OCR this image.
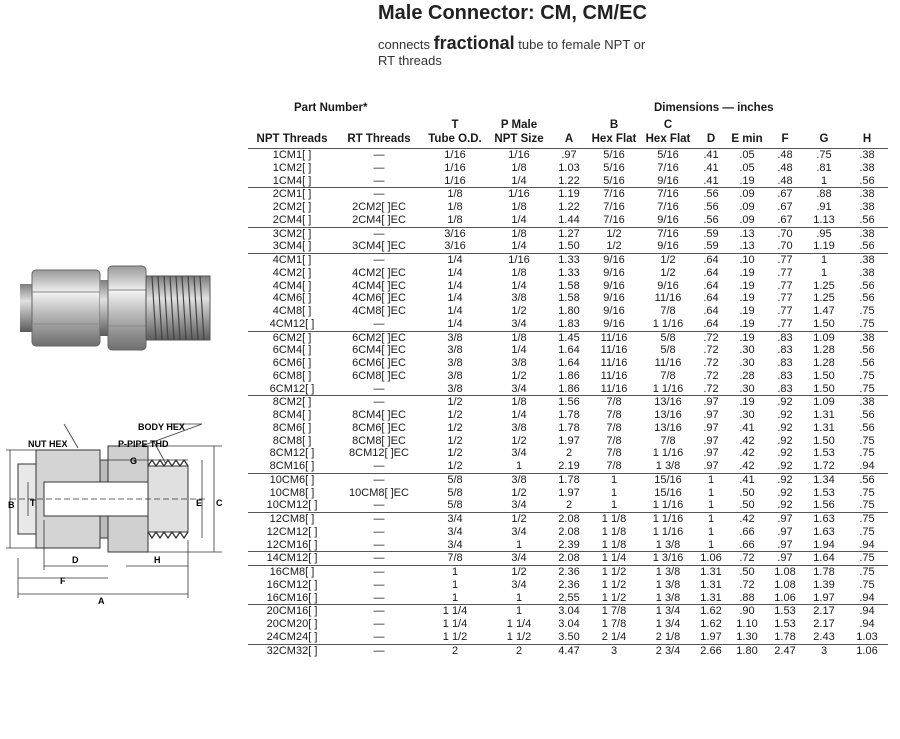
Male Connector: CM, CM/EC
connects fractional tube to female NPT or
RT threads
NUT HEX
BODY HEX
P-PIPE THD
G
B T	E C
D	H
F
A
Part Number*	Dimensions — inches
NPT Threads	RT Threads
T
Tube O.D.
P Male
NPT Size	A
B
Hex Flat
C
Hex Flat	D	E min	F	G	H
1CM1[ ]	—	1/16	1/16	.97	5/16	5/16	.41	.05	.48	.75	.38
1CM2[ ]	—	1/16	1/8	1.03	5/16	7/16	.41	.05	.48	.81	.38
1CM4[ ]	—	1/16	1/4	1.22	5/16	9/16	.41	.19	.48	1	.56
2CM1[ ]	—	1/8	1/16	1.19	7/16	7/16	.56	.09	.67	.88	.38
2CM2[ ]	2CM2[ ]EC	1/8	1/8	1.22	7/16	7/16	.56	.09	.67	.91	.38
2CM4[ ]	2CM4[ ]EC	1/8	1/4	1.44	7/16	9/16	.56	.09	.67	1.13	.56
3CM2[ ]	—	3/16	1/8	1.27	1/2	7/16	.59	.13	.70	.95	.38
3CM4[ ]	3CM4[ ]EC	3/16	1/4	1.50	1/2	9/16	.59	.13	.70	1.19	.56
4CM1[ ]	—	1/4	1/16	1.33	9/16	1/2	.64	.10	.77	1	.38
4CM2[ ]	4CM2[ ]EC	1/4	1/8	1.33	9/16	1/2	.64	.19	.77	1	.38
4CM4[ ]	4CM4[ ]EC	1/4	1/4	1.58	9/16	9/16	.64	.19	.77	1.25	.56
4CM6[ ]	4CM6[ ]EC	1/4	3/8	1.58	9/16	11/16	.64	.19	.77	1.25	.56
4CM8[ ]	4CM8[ ]EC	1/4	1/2	1.80	9/16	7/8	.64	.19	.77	1.47	.75
4CM12[ ]	—	1/4	3/4	1.83	9/16	1 1/16	.64	.19	.77	1.50	.75
6CM2[ ]	6CM2[ ]EC	3/8	1/8	1.45	11/16	5/8	.72	.19	.83	1.09	.38
6CM4[ ]	6CM4[ ]EC	3/8	1/4	1.64	11/16	5/8	.72	.30	.83	1.28	.56
6CM6[ ]	6CM6[ ]EC	3/8	3/8	1.64	11/16	11/16	.72	.30	.83	1.28	.56
6CM8[ ]	6CM8[ ]EC	3/8	1/2	1.86	11/16	7/8	.72	.28	.83	1.50	.75
6CM12[ ]	—	3/8	3/4	1.86	11/16	1 1/16	.72	.30	.83	1.50	.75
8CM2[ ]	—	1/2	1/8	1.56	7/8	13/16	.97	.19	.92	1.09	.38
8CM4[ ]	8CM4[ ]EC	1/2	1/4	1.78	7/8	13/16	.97	.30	.92	1.31	.56
8CM6[ ]	8CM6[ ]EC	1/2	3/8	1.78	7/8	13/16	.97	.41	.92	1.31	.56
8CM8[ ]	8CM8[ ]EC	1/2	1/2	1.97	7/8	7/8	.97	.42	.92	1.50	.75
8CM12[ ]	8CM12[ ]EC	1/2	3/4	2	7/8	1 1/16	.97	.42	.92	1.53	.75
8CM16[ ]	—	1/2	1	2.19	7/8	1 3/8	.97	.42	.92	1.72	.94
10CM6[ ]	—	5/8	3/8	1.78	1	15/16	1	.41	.92	1.34	.56
10CM8[ ]	10CM8[ ]EC	5/8	1/2	1.97	1	15/16	1	.50	.92	1.53	.75
10CM12[ ]	—	5/8	3/4	2	1	1 1/16	1	.50	.92	1.56	.75
12CM8[ ]	—	3/4	1/2	2.08	1 1/8	1 1/16	1	.42	.97	1.63	.75
12CM12[ ]	—	3/4	3/4	2.08	1 1/8	1 1/16	1	.66	.97	1.63	.75
12CM16[ ]	—	3/4	1	2.39	1 1/8	1 3/8	1	.66	.97	1.94	.94
14CM12[ ]	—	7/8	3/4	2.08	1 1/4	1 3/16	1.06	.72	.97	1.64	.75
16CM8[ ]	—	1	1/2	2.36	1 1/2	1 3/8	1.31	.50	1.08	1.78	.75
16CM12[ ]	—	1	3/4	2.36	1 1/2	1 3/8	1.31	.72	1.08	1.39	.75
16CM16[ ]	—	1	1	2,55	1 1/2	1 3/8	1.31	.88	1.06	1.97	.94
20CM16[ ]	—	1 1/4	1	3.04	1 7/8	1 3/4	1.62	.90	1.53	2.17	.94
20CM20[ ]	—	1 1/4	1 1/4	3.04	1 7/8	1 3/4	1.62	1.10	1.53	2.17	.94
24CM24[ ]	—	1 1/2	1 1/2	3.50	2 1/4	2 1/8	1.97	1.30	1.78	2.43	1.03
32CM32[ ]	—	2	2	4.47	3	2 3/4	2.66	1.80	2.47	3	1.06
